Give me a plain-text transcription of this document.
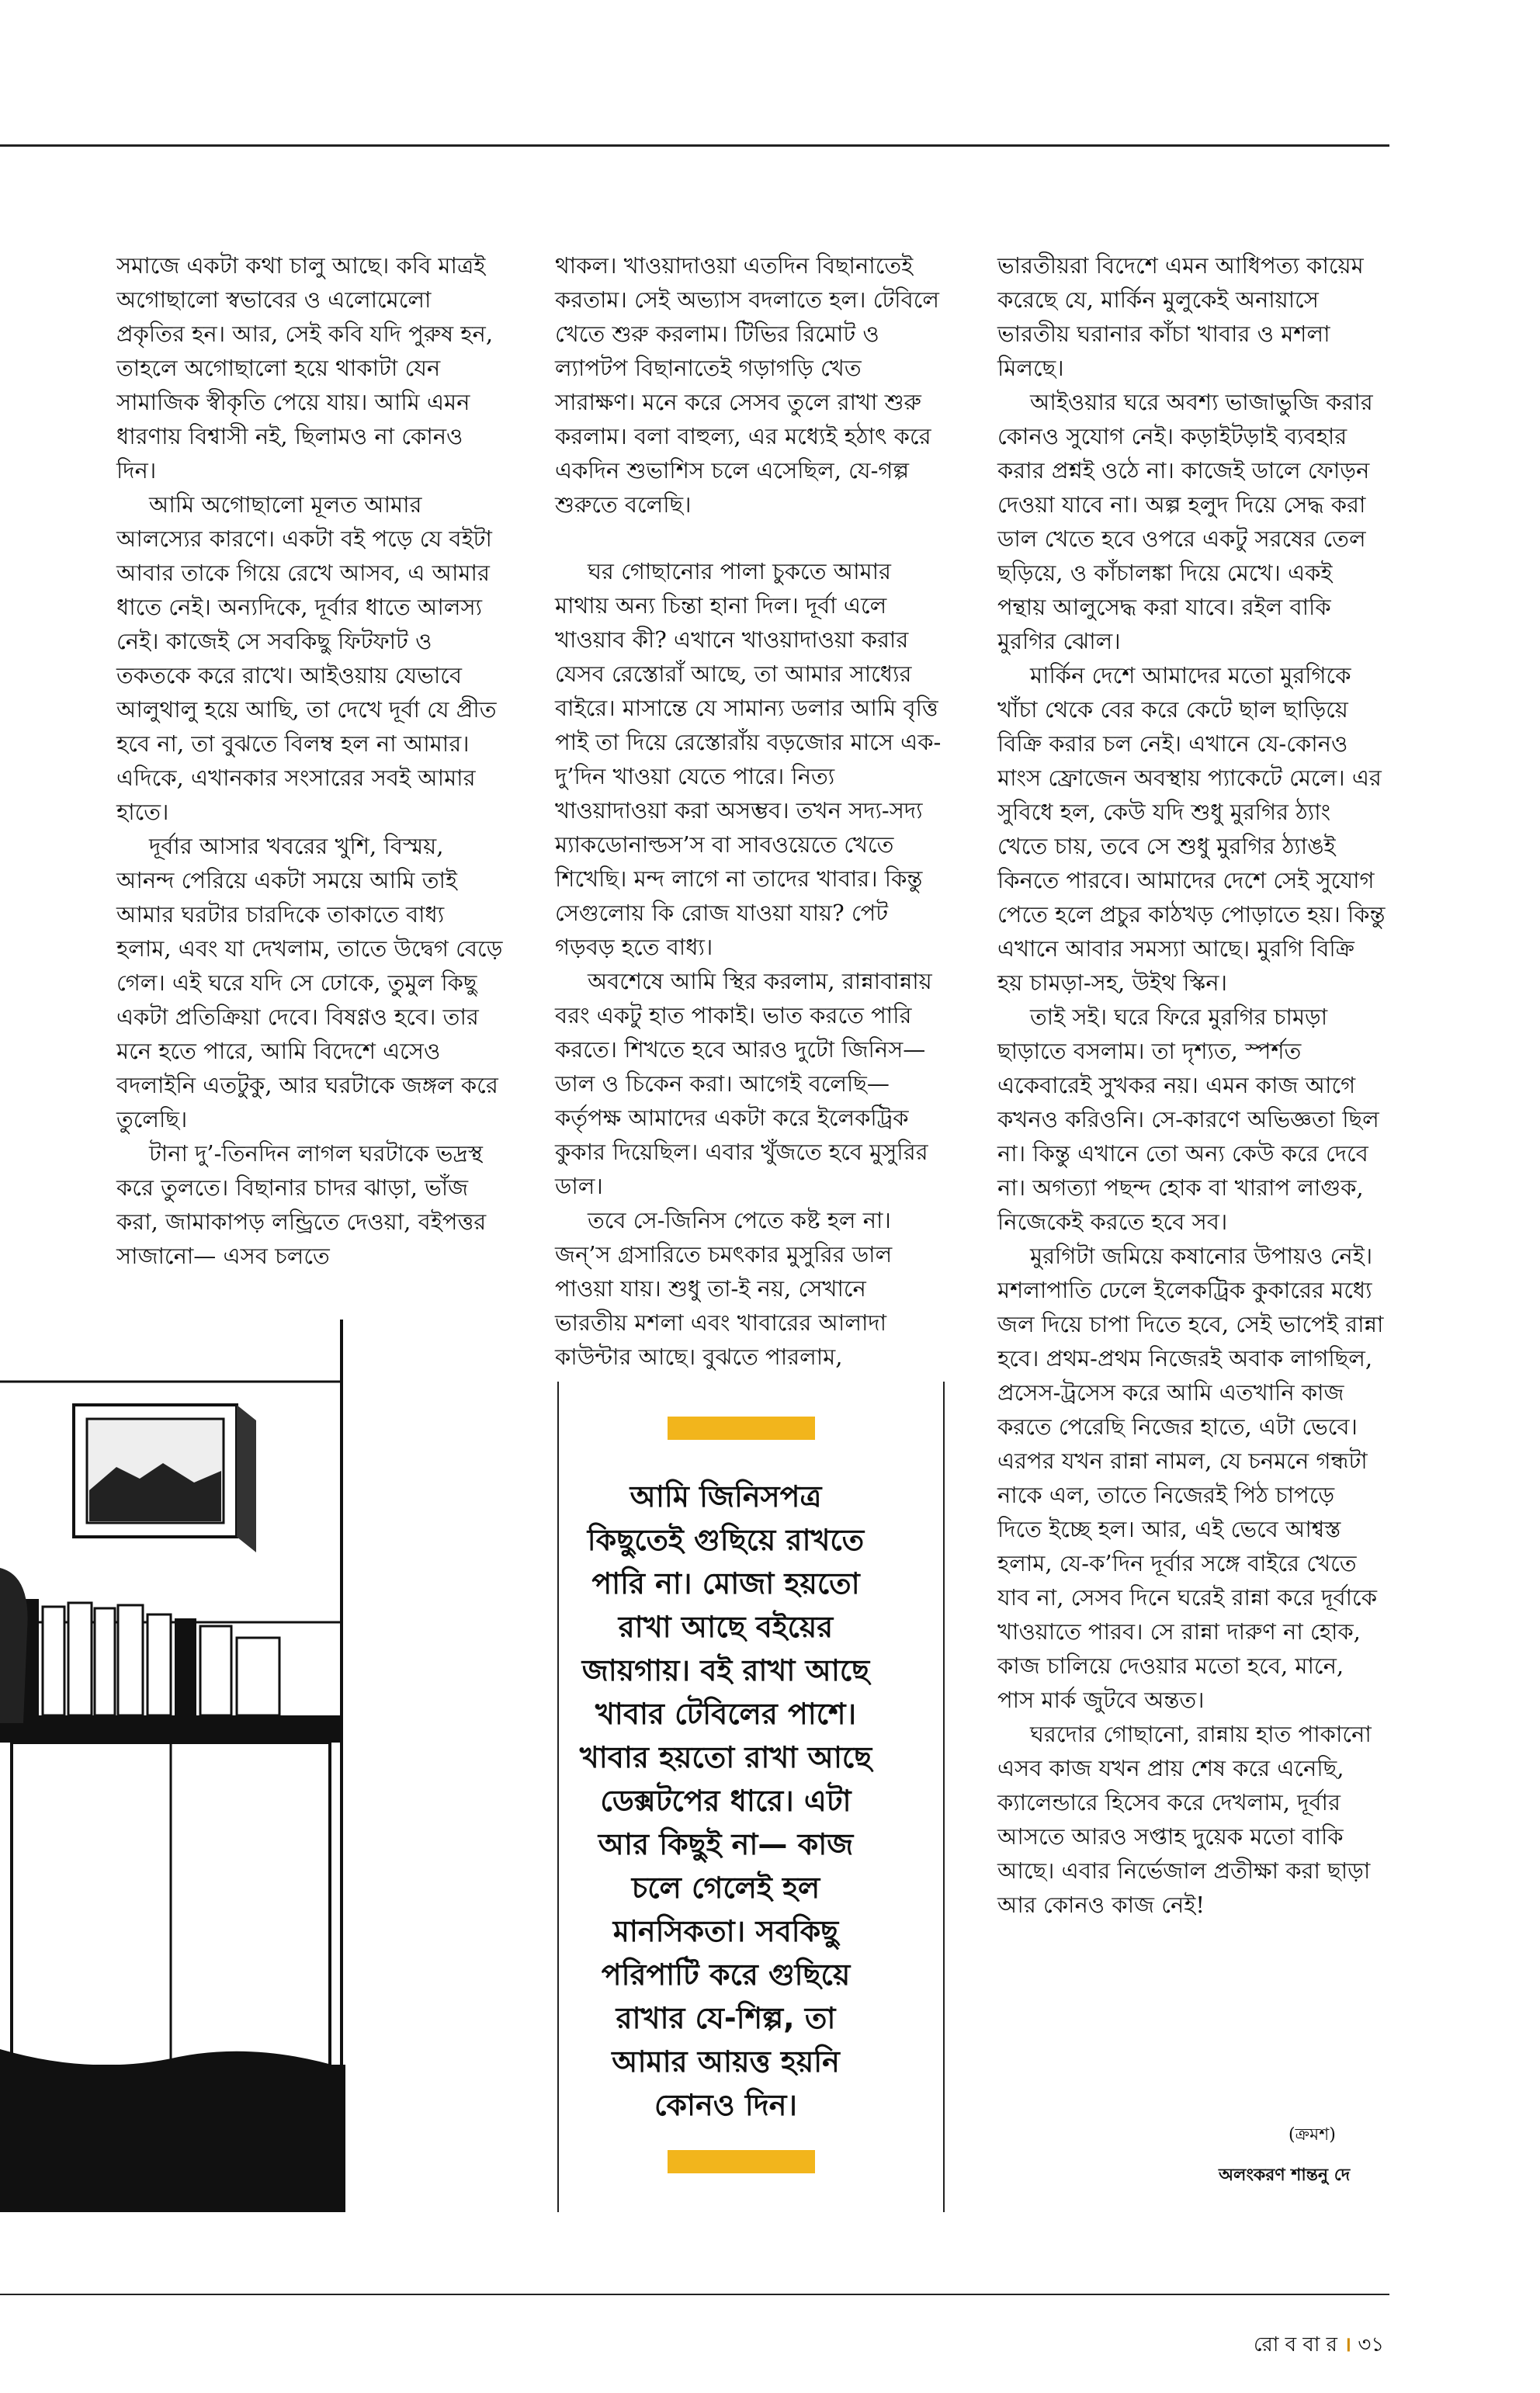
সমাজে একটা কথা চালু আছে। কবি মাত্রই অগোছালো স্বভাবের ও এলোমেলো প্রকৃতির হন। আর, সেই কবি যদি পুরুষ হন, তাহলে অগোছালো হয়ে থাকাটা যেন সামাজিক স্বীকৃতি পেয়ে যায়। আমি এমন ধারণায় বিশ্বাসী নই, ছিলামও না কোনও দিন।

আমি অগোছালো মূলত আমার আলস্যের কারণে। একটা বই পড়ে যে বইটা আবার তাকে গিয়ে রেখে আসব, এ আমার ধাতে নেই। অন্যদিকে, দূর্বার ধাতে আলস্য নেই। কাজেই সে সবকিছু ফিটফাট ও তকতকে করে রাখে। আইওয়ায় যেভাবে আলুথালু হয়ে আছি, তা দেখে দূর্বা যে প্রীত হবে না, তা বুঝতে বিলম্ব হল না আমার। এদিকে, এখানকার সংসারের সবই আমার হাতে।

দূর্বার আসার খবরের খুশি, বিস্ময়, আনন্দ পেরিয়ে একটা সময়ে আমি তাই আমার ঘরটার চারদিকে তাকাতে বাধ্য হলাম, এবং যা দেখলাম, তাতে উদ্বেগ বেড়ে গেল। এই ঘরে যদি সে ঢোকে, তুমুল কিছু একটা প্রতিক্রিয়া দেবে। বিষণ্ণও হবে। তার মনে হতে পারে, আমি বিদেশে এসেও বদলাইনি এতটুকু, আর ঘরটাকে জঙ্গল করে তুলেছি।

টানা দু’-তিনদিন লাগল ঘরটাকে ভদ্রস্থ করে তুলতে। বিছানার চাদর ঝাড়া, ভাঁজ করা, জামাকাপড় লন্ড্রিতে দেওয়া, বইপত্তর সাজানো— এসব চলতে

থাকল। খাওয়াদাওয়া এতদিন বিছানাতেই করতাম। সেই অভ্যাস বদলাতে হল। টেবিলে খেতে শুরু করলাম। টিভির রিমোট ও ল্যাপটপ বিছানাতেই গড়াগড়ি খেত সারাক্ষণ। মনে করে সেসব তুলে রাখা শুরু করলাম। বলা বাহুল্য, এর মধ্যেই হঠাৎ করে একদিন শুভাশিস চলে এসেছিল, যে-গল্প শুরুতে বলেছি।

ঘর গোছানোর পালা চুকতে আমার মাথায় অন্য চিন্তা হানা দিল। দূর্বা এলে খাওয়াব কী? এখানে খাওয়াদাওয়া করার যেসব রেস্তোরাঁ আছে, তা আমার সাধ্যের বাইরে। মাসান্তে যে সামান্য ডলার আমি বৃত্তি পাই তা দিয়ে রেস্তোরাঁয় বড়জোর মাসে এক-দু’দিন খাওয়া যেতে পারে। নিত্য খাওয়াদাওয়া করা অসম্ভব। তখন সদ্য-সদ্য ম্যাকডোনাল্ডস’স বা সাবওয়েতে খেতে শিখেছি। মন্দ লাগে না তাদের খাবার। কিন্তু সেগুলোয় কি রোজ যাওয়া যায়? পেট গড়বড় হতে বাধ্য।

অবশেষে আমি স্থির করলাম, রান্নাবান্নায় বরং একটু হাত পাকাই। ভাত করতে পারি করতে। শিখতে হবে আরও দুটো জিনিস— ডাল ও চিকেন করা। আগেই বলেছি— কর্তৃপক্ষ আমাদের একটা করে ইলেকট্রিক কুকার দিয়েছিল। এবার খুঁজতে হবে মুসুরির ডাল।

তবে সে-জিনিস পেতে কষ্ট হল না। জন্’স গ্রসারিতে চমৎকার মুসুরির ডাল পাওয়া যায়। শুধু তা-ই নয়, সেখানে ভারতীয় মশলা এবং খাবারের আলাদা কাউন্টার আছে। বুঝতে পারলাম,

ভারতীয়রা বিদেশে এমন আধিপত্য কায়েম করেছে যে, মার্কিন মুলুকেই অনায়াসে ভারতীয় ঘরানার কাঁচা খাবার ও মশলা মিলছে।

আইওয়ার ঘরে অবশ্য ভাজাভুজি করার কোনও সুযোগ নেই। কড়াইটড়াই ব্যবহার করার প্রশ্নই ওঠে না। কাজেই ডালে ফোড়ন দেওয়া যাবে না। অল্প হলুদ দিয়ে সেদ্ধ করা ডাল খেতে হবে ওপরে একটু সরষের তেল ছড়িয়ে, ও কাঁচালঙ্কা দিয়ে মেখে। একই পন্থায় আলুসেদ্ধ করা যাবে। রইল বাকি মুরগির ঝোল।

মার্কিন দেশে আমাদের মতো মুরগিকে খাঁচা থেকে বের করে কেটে ছাল ছাড়িয়ে বিক্রি করার চল নেই। এখানে যে-কোনও মাংস ফ্রোজেন অবস্থায় প্যাকেটে মেলে। এর সুবিধে হল, কেউ যদি শুধু মুরগির ঠ্যাং খেতে চায়, তবে সে শুধু মুরগির ঠ্যাঙই কিনতে পারবে। আমাদের দেশে সেই সুযোগ পেতে হলে প্রচুর কাঠখড় পোড়াতে হয়। কিন্তু এখানে আবার সমস্যা আছে। মুরগি বিক্রি হয় চামড়া-সহ, উইথ স্কিন।

তাই সই। ঘরে ফিরে মুরগির চামড়া ছাড়াতে বসলাম। তা দৃশ্যত, স্পর্শত একেবারেই সুখকর নয়। এমন কাজ আগে কখনও করিওনি। সে-কারণে অভিজ্ঞতা ছিল না। কিন্তু এখানে তো অন্য কেউ করে দেবে না। অগত্যা পছন্দ হোক বা খারাপ লাগুক, নিজেকেই করতে হবে সব।

মুরগিটা জমিয়ে কষানোর উপায়ও নেই। মশলাপাতি ঢেলে ইলেকট্রিক কুকারের মধ্যে জল দিয়ে চাপা দিতে হবে, সেই ভাপেই রান্না হবে। প্রথম-প্রথম নিজেরই অবাক লাগছিল, প্রসেস-ট্রসেস করে আমি এতখানি কাজ করতে পেরেছি নিজের হাতে, এটা ভেবে। এরপর যখন রান্না নামল, যে চনমনে গন্ধটা নাকে এল, তাতে নিজেরই পিঠ চাপড়ে দিতে ইচ্ছে হল। আর, এই ভেবে আশ্বস্ত হলাম, যে-ক’দিন দূর্বার সঙ্গে বাইরে খেতে যাব না, সেসব দিনে ঘরেই রান্না করে দূর্বাকে খাওয়াতে পারব। সে রান্না দারুণ না হোক, কাজ চালিয়ে দেওয়ার মতো হবে, মানে, পাস মার্ক জুটবে অন্তত।

ঘরদোর গোছানো, রান্নায় হাত পাকানো এসব কাজ যখন প্রায় শেষ করে এনেছি, ক্যালেন্ডারে হিসেব করে দেখলাম, দূর্বার আসতে আরও সপ্তাহ দুয়েক মতো বাকি আছে। এবার নির্ভেজাল প্রতীক্ষা করা ছাড়া আর কোনও কাজ নেই!

আমি জিনিসপত্র কিছুতেই গুছিয়ে রাখতে পারি না। মোজা হয়তো রাখা আছে বইয়ের জায়গায়। বই রাখা আছে খাবার টেবিলের পাশে। খাবার হয়তো রাখা আছে ডেক্সটপের ধারে। এটা আর কিছুই না— কাজ চলে গেলেই হল মানসিকতা। সবকিছু পরিপাটি করে গুছিয়ে রাখার যে-শিল্প, তা আমার আয়ত্ত হয়নি কোনও দিন।
(ক্রমশ)
অলংকরণ শান্তনু দে
রো ব বা র । ৩১
